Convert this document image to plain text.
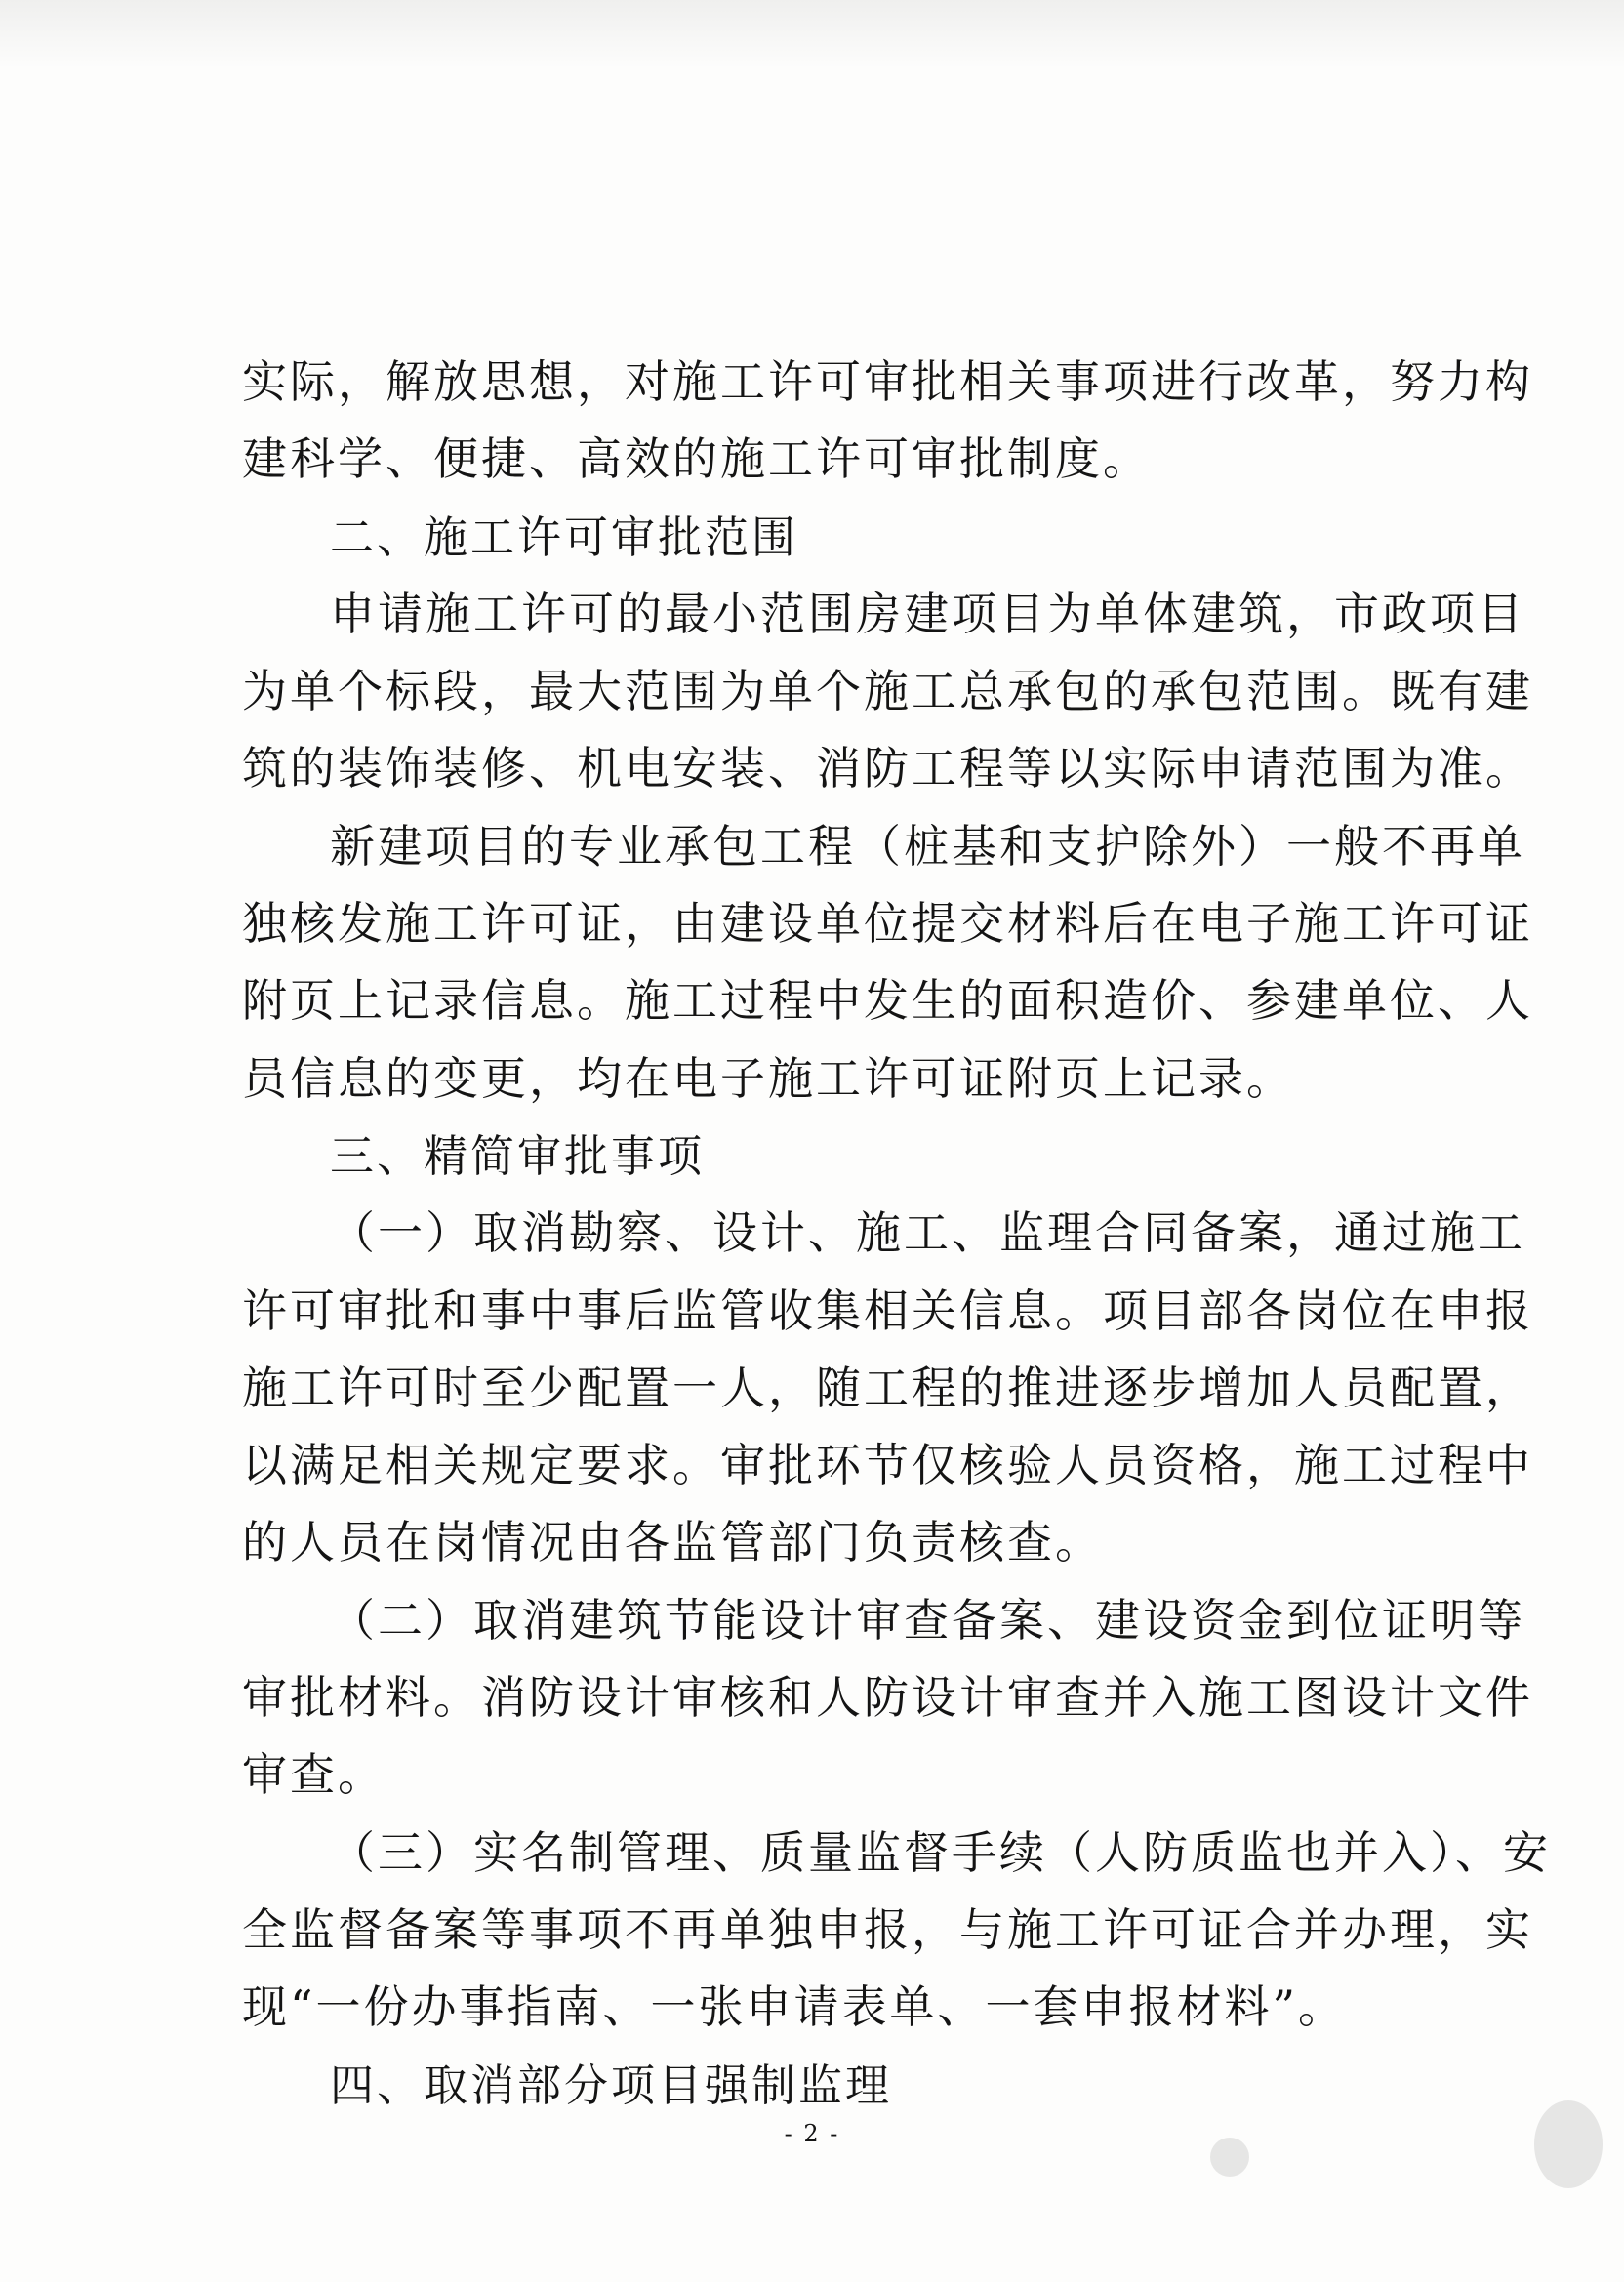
实际，解放思想，对施工许可审批相关事项进行改革，努力构
建科学、便捷、高效的施工许可审批制度。
二、施工许可审批范围
申请施工许可的最小范围房建项目为单体建筑，市政项目
为单个标段，最大范围为单个施工总承包的承包范围。既有建
筑的装饰装修、机电安装、消防工程等以实际申请范围为准。
新建项目的专业承包工程（桩基和支护除外）一般不再单
独核发施工许可证，由建设单位提交材料后在电子施工许可证
附页上记录信息。施工过程中发生的面积造价、参建单位、人
员信息的变更，均在电子施工许可证附页上记录。
三、精简审批事项
（一）取消勘察、设计、施工、监理合同备案，通过施工
许可审批和事中事后监管收集相关信息。项目部各岗位在申报
施工许可时至少配置一人，随工程的推进逐步增加人员配置，
以满足相关规定要求。审批环节仅核验人员资格，施工过程中
的人员在岗情况由各监管部门负责核查。
（二）取消建筑节能设计审查备案、建设资金到位证明等
审批材料。消防设计审核和人防设计审查并入施工图设计文件
审查。
（三）实名制管理、质量监督手续（人防质监也并入）、安
全监督备案等事项不再单独申报，与施工许可证合并办理，实
现“一份办事指南、一张申请表单、一套申报材料”。
四、取消部分项目强制监理
- 2 -
